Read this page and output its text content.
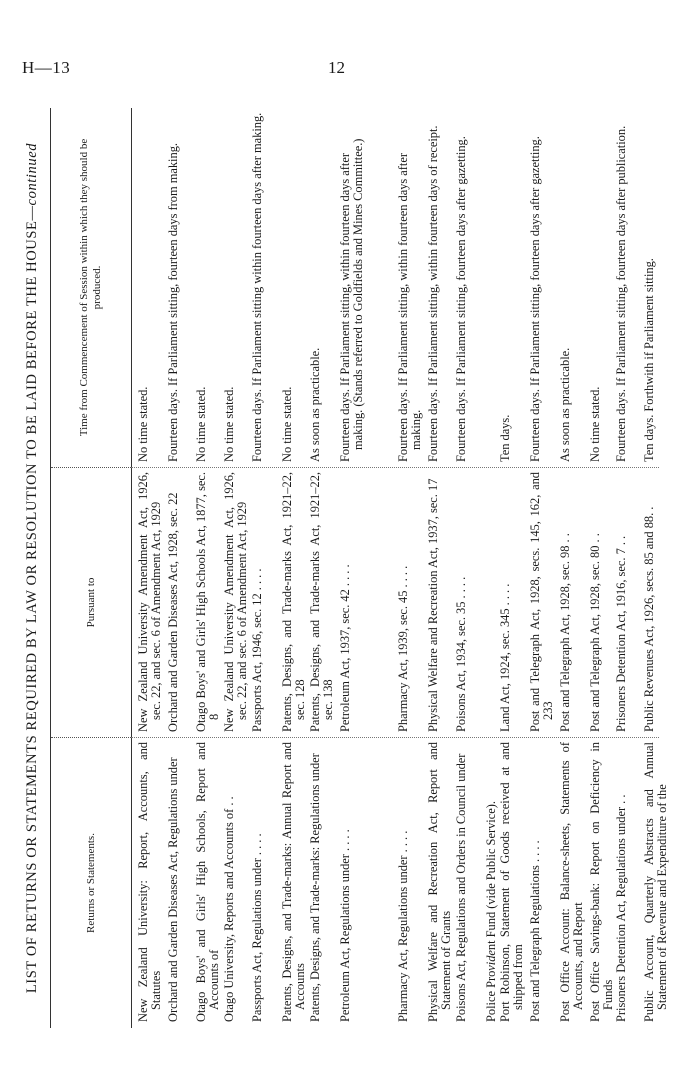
H—13	12
LIST OF RETURNS OR STATEMENTS REQUIRED BY LAW OR RESOLUTION TO BE LAID BEFORE THE HOUSE—continued
Returns or Statements.
Pursuant to
Time from Commencement of Session within which they should be produced.
New Zealand University: Report, Accounts, and Statutes
New Zealand University Amendment Act, 1926, sec. 22, and sec. 6 of Amendment Act, 1929
No time stated.
Orchard and Garden Diseases Act, Regulations under
Orchard and Garden Diseases Act, 1928, sec. 22
Fourteen days. If Parliament sitting, fourteen days from making.
Otago Boys' and Girls' High Schools, Report and Accounts of
Otago Boys' and Girls' High Schools Act, 1877, sec. 8
No time stated.
Otago University, Reports and Accounts of . .
New Zealand University Amendment Act, 1926, sec. 22, and sec. 6 of Amendment Act, 1929
No time stated.
Passports Act, Regulations under . . . .
Passports Act, 1946, sec. 12 . . . .
Fourteen days. If Parliament sitting within fourteen days after making.
Patents, Designs, and Trade-marks: Annual Report and Accounts
Patents, Designs, and Trade-marks Act, 1921–22, sec. 128
No time stated.
Patents, Designs, and Trade-marks: Regulations under
Patents, Designs, and Trade-marks Act, 1921–22, sec. 138
As soon as practicable.
Petroleum Act, Regulations under . . . .
Petroleum Act, 1937, sec. 42 . . . .
Fourteen days. If Parliament sitting, within fourteen days after making. (Stands referred to Goldfields and Mines Committee.)
Pharmacy Act, Regulations under . . . .
Pharmacy Act, 1939, sec. 45 . . . .
Fourteen days. If Parliament sitting, within fourteen days after making.
Physical Welfare and Recreation Act, Report and Statement of Grants
Physical Welfare and Recreation Act, 1937, sec. 17
Fourteen days. If Parliament sitting, within fourteen days of receipt.
Poisons Act, Regulations and Orders in Council under
Poisons Act, 1934, sec. 35 . . . .
Fourteen days. If Parliament sitting, fourteen days after gazetting.
Police Provident Fund (vide Public Service). Port Robinson, Statement of Goods received at and shipped from
Land Act, 1924, sec. 345 . . . .
Ten days.
Post and Telegraph Regulations . . . .
Post and Telegraph Act, 1928, secs. 145, 162, and 233
Fourteen days. If Parliament sitting, fourteen days after gazetting.
Post Office Account: Balance-sheets, Statements of Accounts, and Report
Post and Telegraph Act, 1928, sec. 98 . .
As soon as practicable.
Post Office Savings-bank: Report on Deficiency in Funds
Post and Telegraph Act, 1928, sec. 80 . .
No time stated.
Prisoners Detention Act, Regulations under . .
Prisoners Detention Act, 1916, sec. 7 . .
Fourteen days. If Parliament sitting, fourteen days after publication.
Public Account, Quarterly Abstracts and Annual Statement of Revenue and Expenditure of the
Public Revenues Act, 1926, secs. 85 and 88. .
Ten days. Forthwith if Parliament sitting.
